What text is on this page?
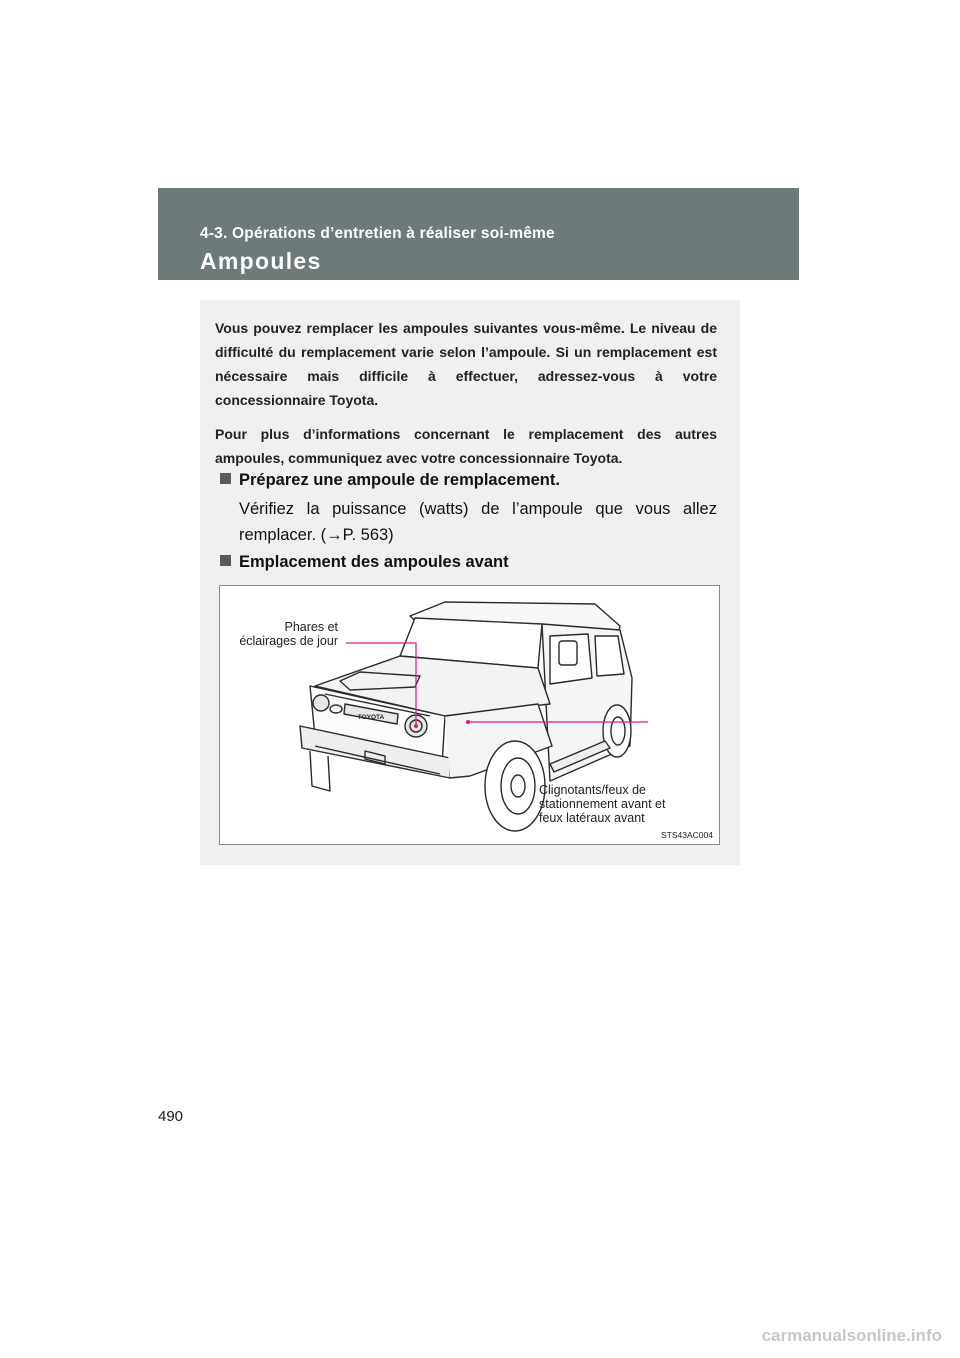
4-3. Opérations d’entretien à réaliser soi-même
Ampoules

Vous pouvez remplacer les ampoules suivantes vous-même. Le niveau de difficulté du remplacement varie selon l’ampoule. Si un remplacement est nécessaire mais difficile à effectuer, adressez-vous à votre concessionnaire Toyota.

Pour plus d’informations concernant le remplacement des autres ampoules, communiquez avec votre concessionnaire Toyota.

Préparez une ampoule de remplacement.
Vérifiez la puissance (watts) de l’ampoule que vous allez remplacer. (→P. 563)
Emplacement des ampoules avant
TOYOTA
Phares et
éclairages de jour
Clignotants/feux de
stationnement avant et
feux latéraux avant
STS43AC004
490
carmanualsonline.info
